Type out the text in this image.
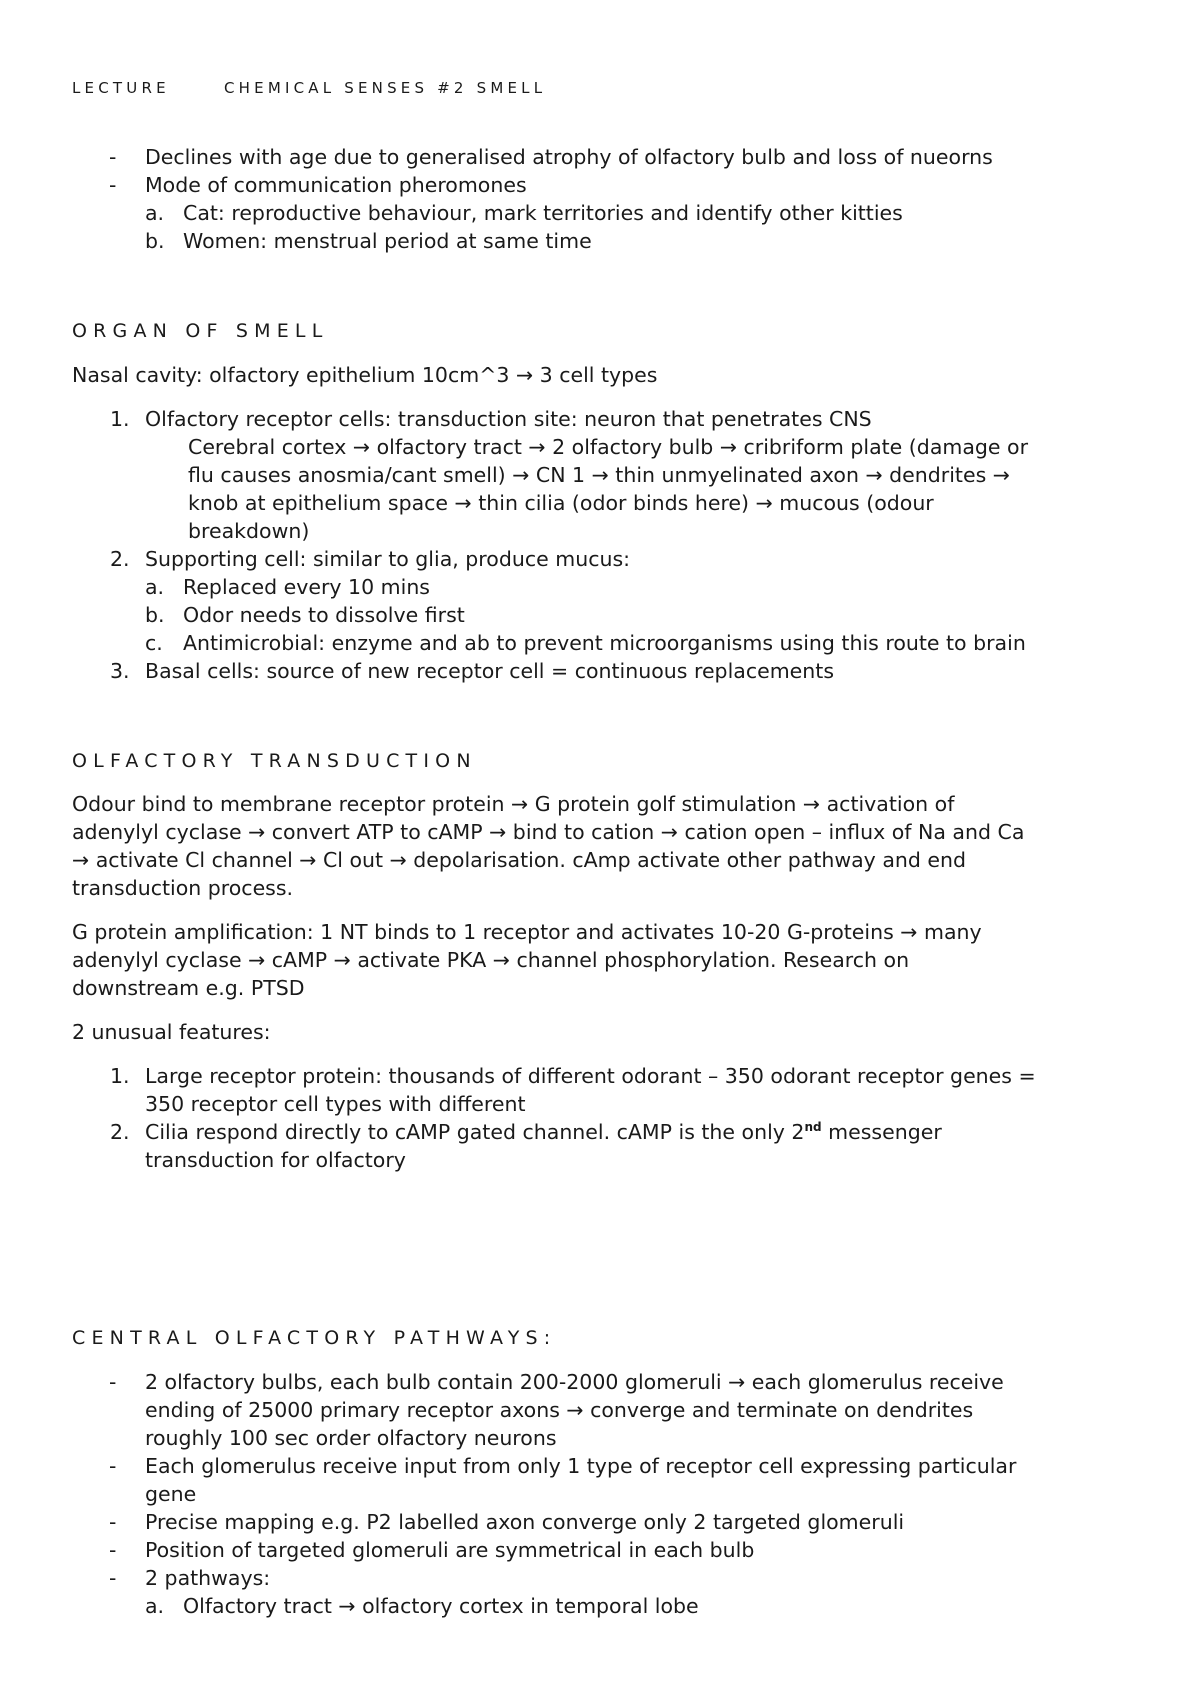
LECTURE	CHEMICAL SENSES #2 SMELL
- Declines with age due to generalised atrophy of olfactory bulb and loss of nueorns
- Mode of communication pheromones
a. Cat: reproductive behaviour, mark territories and identify other kitties
b. Women: menstrual period at same time
ORGAN OF SMELL
Nasal cavity: olfactory epithelium 10cm^3 → 3 cell types
1. Olfactory receptor cells: transduction site: neuron that penetrates CNS
Cerebral cortex → olfactory tract → 2 olfactory bulb → cribriform plate (damage or
flu causes anosmia/cant smell) → CN 1 → thin unmyelinated axon → dendrites →
knob at epithelium space → thin cilia (odor binds here) → mucous (odour
breakdown)
2. Supporting cell: similar to glia, produce mucus:
a. Replaced every 10 mins
b. Odor needs to dissolve first
c. Antimicrobial: enzyme and ab to prevent microorganisms using this route to brain
3. Basal cells: source of new receptor cell = continuous replacements
OLFACTORY TRANSDUCTION
Odour bind to membrane receptor protein → G protein golf stimulation → activation of
adenylyl cyclase → convert ATP to cAMP → bind to cation → cation open – influx of Na and Ca
→ activate Cl channel → Cl out → depolarisation. cAmp activate other pathway and end
transduction process.
G protein amplification: 1 NT binds to 1 receptor and activates 10-20 G-proteins → many
adenylyl cyclase → cAMP → activate PKA → channel phosphorylation. Research on
downstream e.g. PTSD
2 unusual features:
1. Large receptor protein: thousands of different odorant – 350 odorant receptor genes =
350 receptor cell types with different
2. Cilia respond directly to cAMP gated channel. cAMP is the only 2nd messenger
transduction for olfactory
CENTRAL OLFACTORY PATHWAYS:
- 2 olfactory bulbs, each bulb contain 200-2000 glomeruli → each glomerulus receive
ending of 25000 primary receptor axons → converge and terminate on dendrites
roughly 100 sec order olfactory neurons
- Each glomerulus receive input from only 1 type of receptor cell expressing particular
gene
- Precise mapping e.g. P2 labelled axon converge only 2 targeted glomeruli
- Position of targeted glomeruli are symmetrical in each bulb
- 2 pathways:
a. Olfactory tract → olfactory cortex in temporal lobe
